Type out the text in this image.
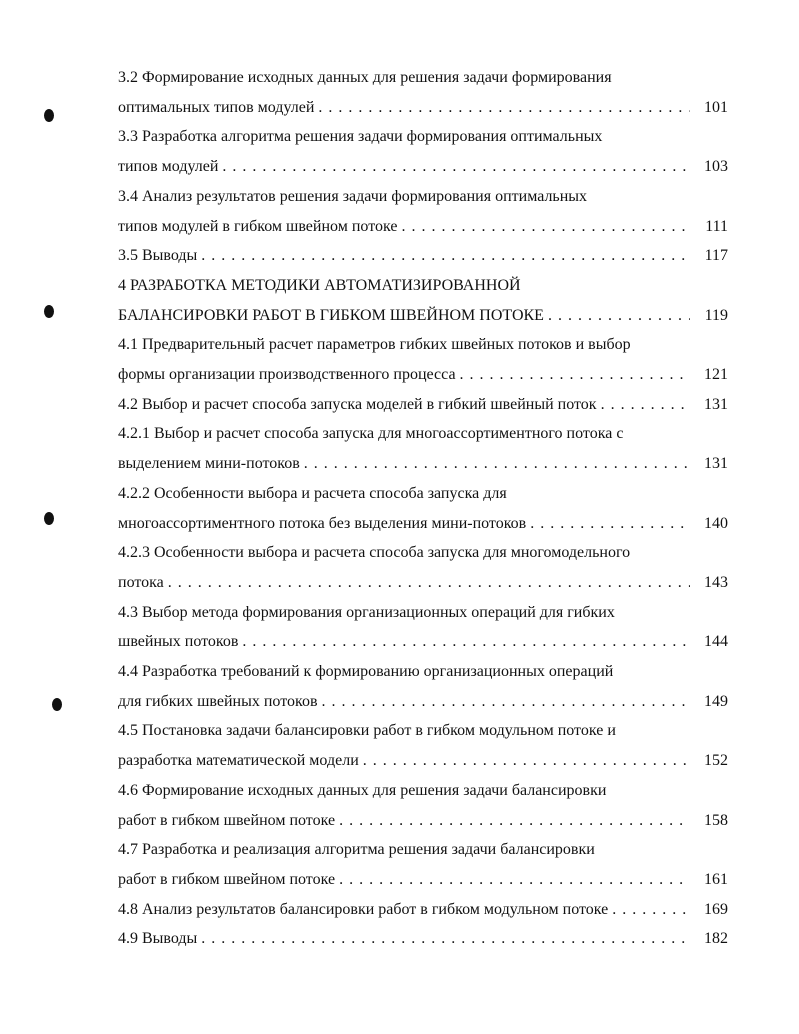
3.2 Формирование исходных данных для решения задачи формирования
оптимальных типов модулей . . .	101
3.3 Разработка алгоритма решения задачи формирования оптимальных
типов модулей . . .	103
3.4 Анализ результатов решения задачи формирования оптимальных
типов модулей в гибком швейном потоке . . .	111
3.5 Выводы . . .	117
4 РАЗРАБОТКА МЕТОДИКИ АВТОМАТИЗИРОВАННОЙ
БАЛАНСИРОВКИ РАБОТ В ГИБКОМ ШВЕЙНОМ ПОТОКЕ . . .	119
4.1 Предварительный расчет параметров гибких швейных потоков и выбор
формы организации производственного процесса . . .	121
4.2 Выбор и расчет способа запуска моделей в гибкий швейный поток . . .	131
4.2.1 Выбор и расчет способа запуска для многоассортиментного потока с
выделением мини-потоков . . .	131
4.2.2 Особенности выбора и расчета способа запуска для
многоассортиментного потока без выделения мини-потоков . . .	140
4.2.3 Особенности выбора и расчета способа запуска для многомодельного
потока . . .	143
4.3 Выбор метода формирования организационных операций для гибких
швейных потоков . . .	144
4.4 Разработка требований к формированию организационных операций
для гибких швейных потоков . . .	149
4.5 Постановка задачи балансировки работ в гибком модульном потоке и
разработка математической модели . . .	152
4.6 Формирование исходных данных для решения задачи балансировки
работ в гибком швейном потоке . . .	158
4.7 Разработка и реализация алгоритма решения задачи балансировки
работ в гибком швейном потоке . . .	161
4.8 Анализ результатов балансировки работ в гибком модульном потоке . . .	169
4.9 Выводы . . .	182
